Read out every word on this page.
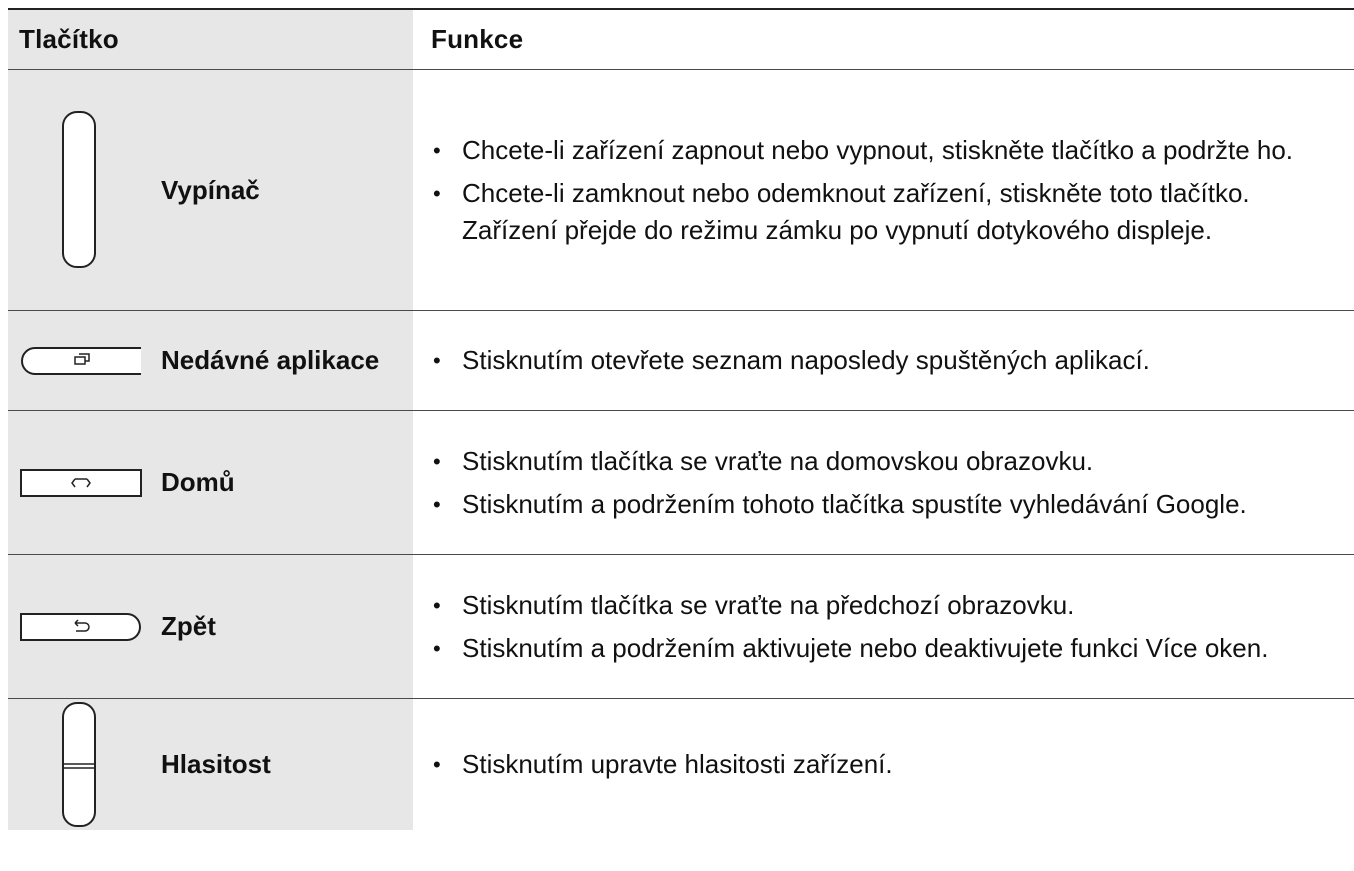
Tlačítko	Funkce
Vypínač
• Chcete-li zařízení zapnout nebo vypnout, stiskněte tlačítko a podržte ho.
• Chcete-li zamknout nebo odemknout zařízení, stiskněte toto tlačítko. Zařízení přejde do režimu zámku po vypnutí dotykového displeje.
Nedávné aplikace • Stisknutím otevřete seznam naposledy spuštěných aplikací.
Domů
• Stisknutím tlačítka se vraťte na domovskou obrazovku.
• Stisknutím a podržením tohoto tlačítka spustíte vyhledávání Google.
Zpět
• Stisknutím tlačítka se vraťte na předchozí obrazovku.
• Stisknutím a podržením aktivujete nebo deaktivujete funkci Více oken.
Hlasitost	• Stisknutím upravte hlasitosti zařízení.
